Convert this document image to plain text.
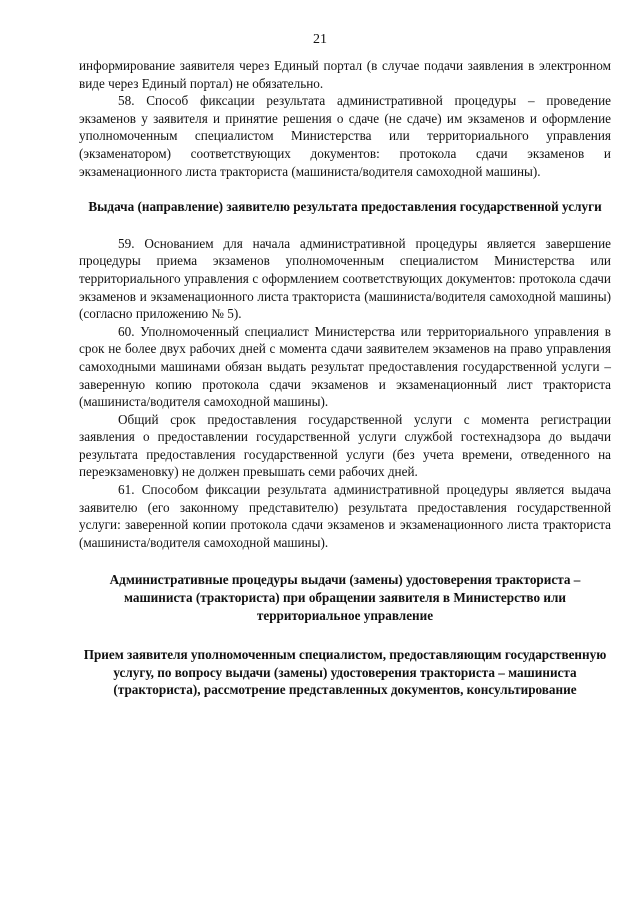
21

информирование заявителя через Единый портал (в случае подачи заявления в электронном виде через Единый портал) не обязательно.

58. Способ фиксации результата административной процедуры – проведение экзаменов у заявителя и принятие решения о сдаче (не сдаче) им экзаменов и оформление уполномоченным специалистом Министерства или территориального управления (экзаменатором) соответствующих документов: протокола сдачи экзаменов и экзаменационного листа тракториста (машиниста/водителя самоходной машины).

Выдача (направление) заявителю результата предоставления государственной услуги

59. Основанием для начала административной процедуры является завершение процедуры приема экзаменов уполномоченным специалистом Министерства или территориального управления с оформлением соответствующих документов: протокола сдачи экзаменов и экзаменационного листа тракториста (машиниста/водителя самоходной машины) (согласно приложению № 5).

60. Уполномоченный специалист Министерства или территориального управления в срок не более двух рабочих дней с момента сдачи заявителем экзаменов на право управления самоходными машинами обязан выдать результат предоставления государственной услуги – заверенную копию протокола сдачи экзаменов и экзаменационный лист тракториста (машиниста/водителя самоходной машины).

Общий срок предоставления государственной услуги с момента регистрации заявления о предоставлении государственной услуги службой гостехнадзора до выдачи результата предоставления государственной услуги (без учета времени, отведенного на переэкзаменовку) не должен превышать семи рабочих дней.

61. Способом фиксации результата административной процедуры является выдача заявителю (его законному представителю) результата предоставления государственной услуги: заверенной копии протокола сдачи экзаменов и экзаменационного листа тракториста (машиниста/водителя самоходной машины).

Административные процедуры выдачи (замены) удостоверения тракториста – машиниста (тракториста) при обращении заявителя в Министерство или территориальное управление
Прием заявителя уполномоченным специалистом, предоставляющим государственную услугу, по вопросу выдачи (замены) удостоверения тракториста – машиниста (тракториста), рассмотрение представленных документов, консультирование
